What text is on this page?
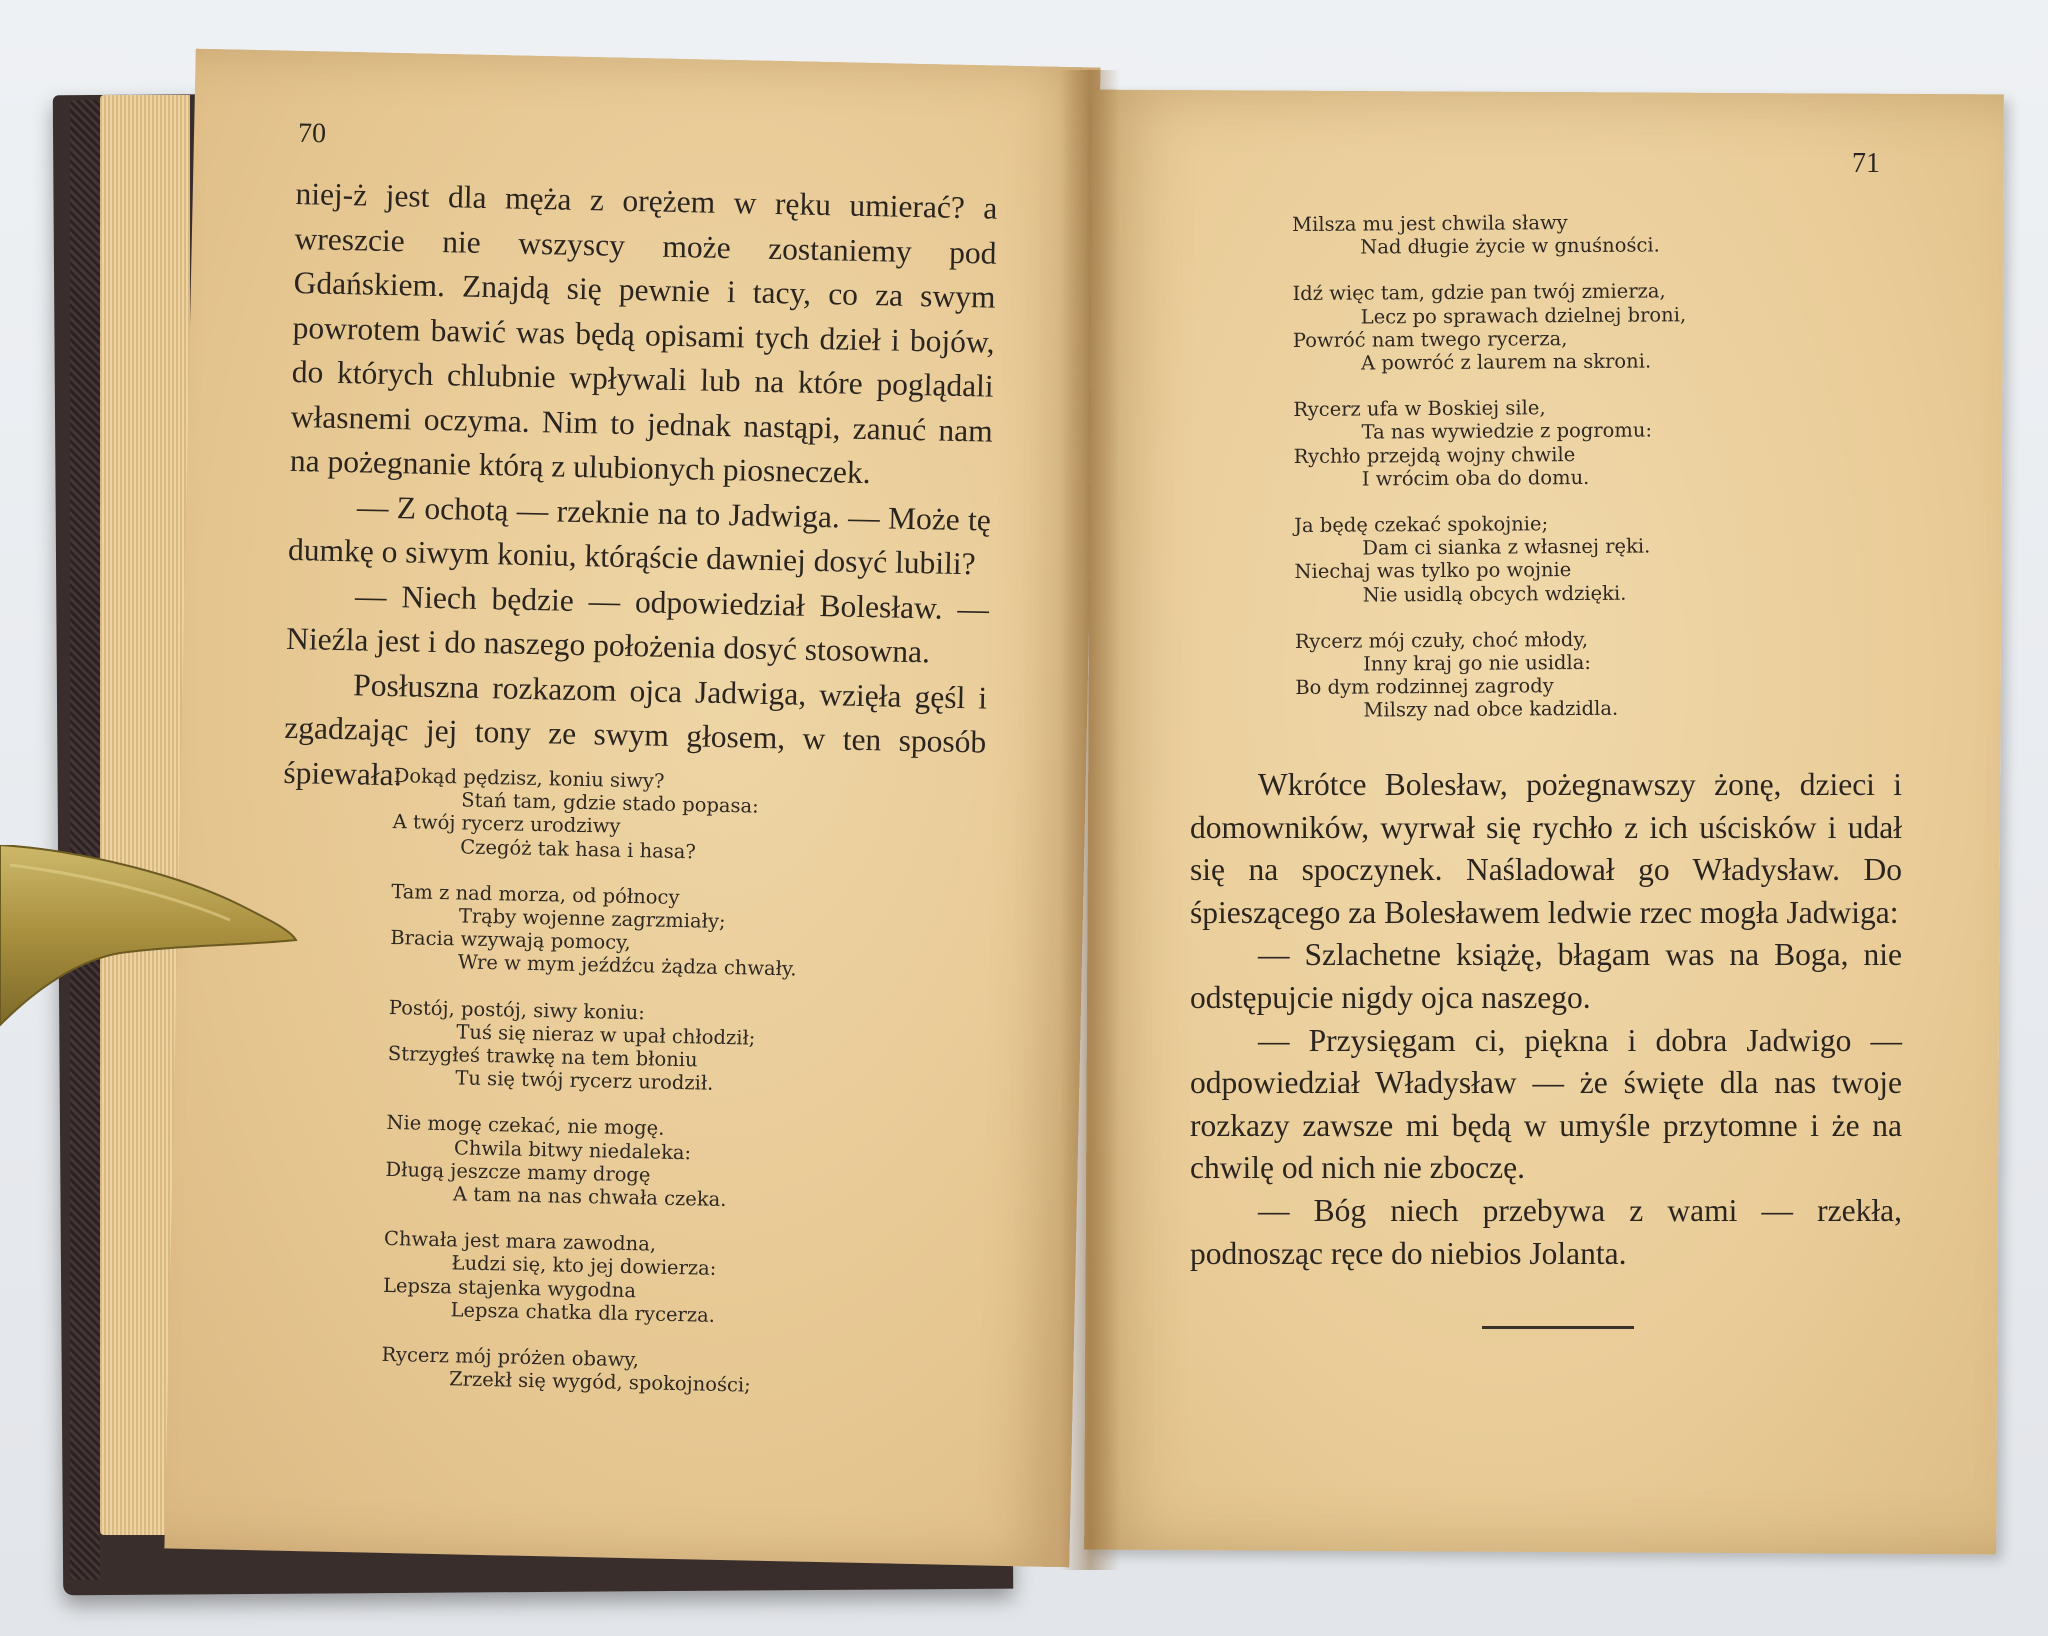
70

niej-ż jest dla męża z orężem w ręku umierać? a wreszcie nie wszyscy może zostaniemy pod Gdańskiem. Znajdą się pewnie i tacy, co za swym powrotem bawić was będą opisami tych dzieł i bojów, do których chlubnie wpływali lub na które poglądali własnemi oczyma. Nim to jednak nastąpi, zanuć nam na pożegnanie którą z ulubionych piosneczek.

— Z ochotą — rzeknie na to Jadwiga. — Może tę dumkę o siwym koniu, którąście dawniej dosyć lubili?

— Niech będzie — odpowiedział Bolesław. — Nieźla jest i do naszego położenia dosyć stosowna.

Posłuszna rozkazom ojca Jadwiga, wzięła gęśl i zgadzając jej tony ze swym głosem, w ten sposób śpiewała:

Dokąd pędzisz, koniu siwy?
Stań tam, gdzie stado popasa:
A twój rycerz urodziwy
Czegóż tak hasa i hasa?
Tam z nad morza, od północy
Trąby wojenne zagrzmiały;
Bracia wzywają pomocy,
Wre w mym jeźdźcu żądza chwały.
Postój, postój, siwy koniu:
Tuś się nieraz w upał chłodził;
Strzygłeś trawkę na tem błoniu
Tu się twój rycerz urodził.
Nie mogę czekać, nie mogę.
Chwila bitwy niedaleka:
Długą jeszcze mamy drogę
A tam na nas chwała czeka.
Chwała jest mara zawodna,
Łudzi się, kto jej dowierza:
Lepsza stajenka wygodna
Lepsza chatka dla rycerza.
Rycerz mój próżen obawy,
Zrzekł się wygód, spokojności;
71
Milsza mu jest chwila sławy
Nad długie życie w gnuśności.
Idź więc tam, gdzie pan twój zmierza,
Lecz po sprawach dzielnej broni,
Powróć nam twego rycerza,
A powróć z laurem na skroni.
Rycerz ufa w Boskiej sile,
Ta nas wywiedzie z pogromu:
Rychło przejdą wojny chwile
I wrócim oba do domu.
Ja będę czekać spokojnie;
Dam ci sianka z własnej ręki.
Niechaj was tylko po wojnie
Nie usidlą obcych wdzięki.
Rycerz mój czuły, choć młody,
Inny kraj go nie usidla:
Bo dym rodzinnej zagrody
Milszy nad obce kadzidla.

Wkrótce Bolesław, pożegnawszy żonę, dzieci i domowników, wyrwał się rychło z ich uścisków i udał się na spoczynek. Naśladował go Władysław. Do śpieszącego za Bolesławem ledwie rzec mogła Jadwiga:

— Szlachetne książę, błagam was na Boga, nie odstępujcie nigdy ojca naszego.

— Przysięgam ci, piękna i dobra Jadwigo — odpowiedział Władysław — że święte dla nas twoje rozkazy zawsze mi będą w umyśle przytomne i że na chwilę od nich nie zboczę.

— Bóg niech przebywa z wami — rzekła, podnosząc ręce do niebios Jolanta.
